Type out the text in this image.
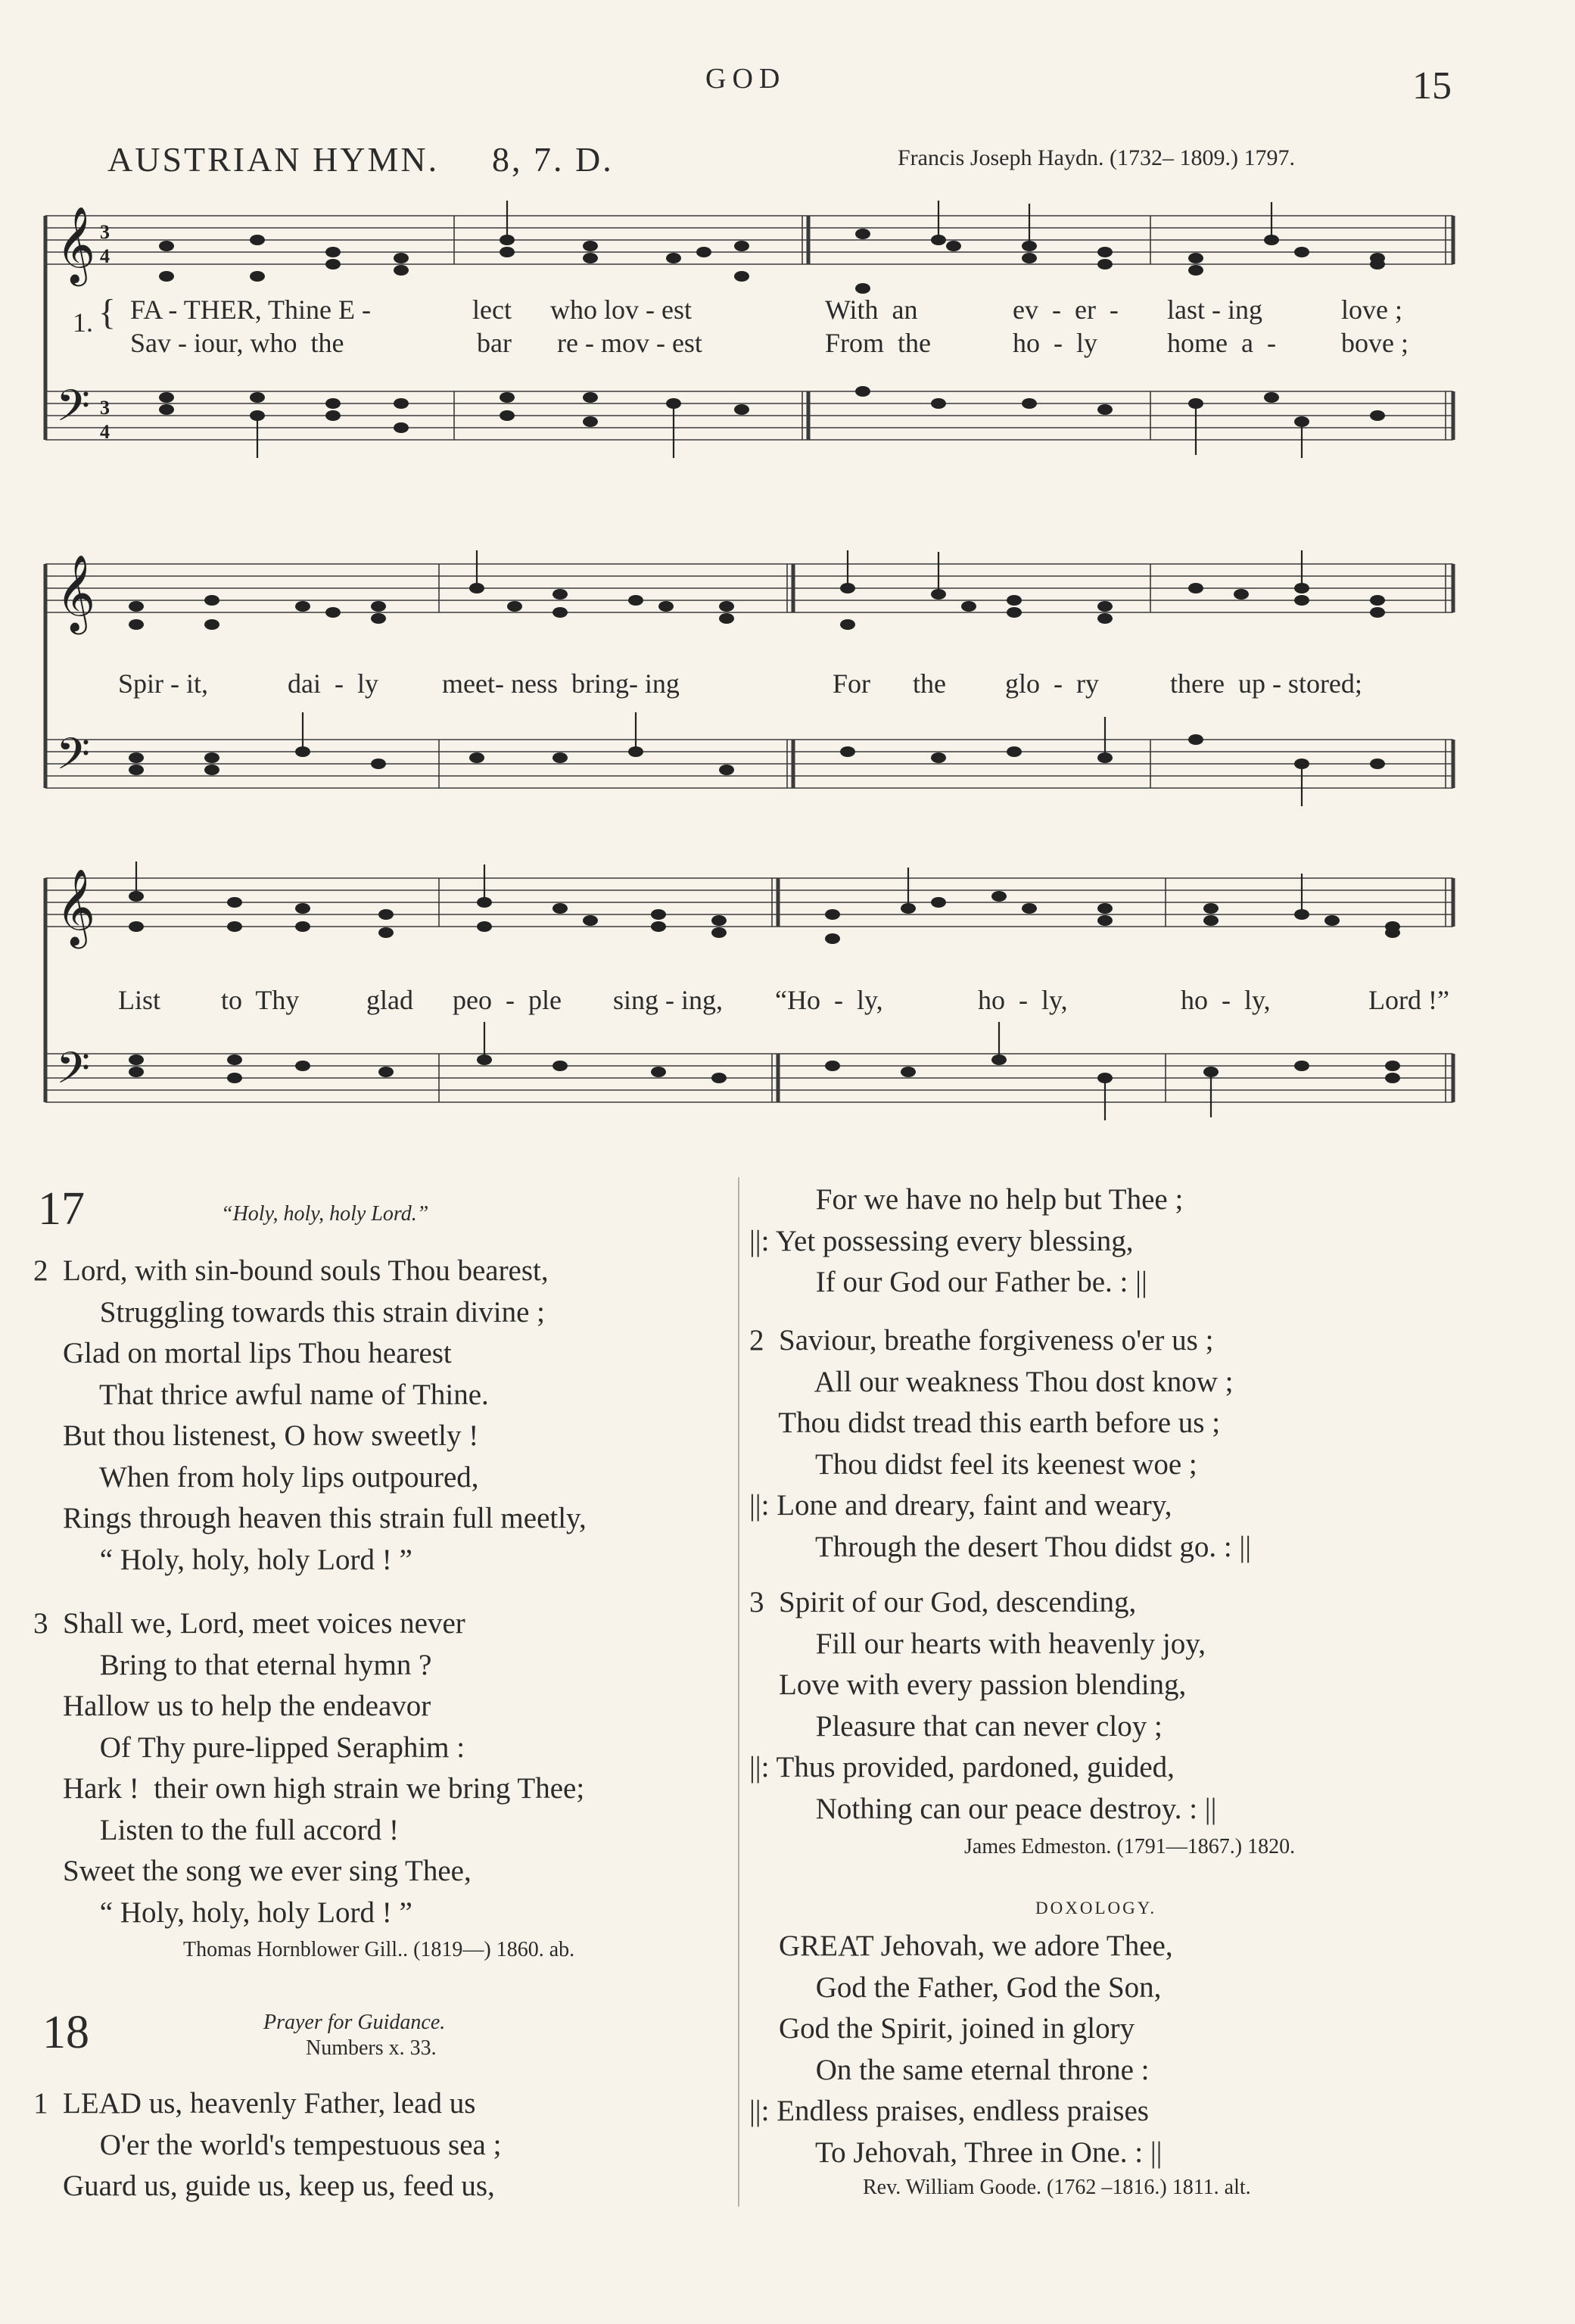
GOD	15
AUSTRIAN HYMN. 8, 7. D.	Francis Joseph Haydn. (1732– 1809.) 1797.
𝄞
𝄢
3
4
3
4
1. { FA - THER, Thine E -	lect who lov - est	With  an	ev  -  er  - last - ing	love ;
Sav - iour, who  the	bar re - mov - est	From  the	ho  -  ly	home  a  - bove ;
𝄞
𝄢
Spir - it,	dai  -  ly meet- ness  bring- ing	For the glo  -  ry	there  up - stored;
𝄞
𝄢
List to  Thy glad peo  -  ple sing - ing, “Ho  -  ly,	ho  -  ly,	ho  -  ly,	Lord !”
17	“Holy, holy, holy Lord.”
2  Lord, with sin-bound souls Thou bearest,
Struggling towards this strain divine ;
Glad on mortal lips Thou hearest
That thrice awful name of Thine.
But thou listenest, O how sweetly !
When from holy lips outpoured,
Rings through heaven this strain full meetly,
“ Holy, holy, holy Lord ! ”
3  Shall we, Lord, meet voices never
Bring to that eternal hymn ?
Hallow us to help the endeavor
Of Thy pure-lipped Seraphim :
Hark !  their own high strain we bring Thee;
Listen to the full accord !
Sweet the song we ever sing Thee,
“ Holy, holy, holy Lord ! ”
Thomas Hornblower Gill.. (1819—) 1860. ab.
18	Prayer for Guidance.
Numbers x. 33.
1  LEAD us, heavenly Father, lead us
O'er the world's tempestuous sea ;
Guard us, guide us, keep us, feed us,
For we have no help but Thee ;
||: Yet possessing every blessing,
If our God our Father be. : ||
2  Saviour, breathe forgiveness o'er us ;
All our weakness Thou dost know ;
Thou didst tread this earth before us ;
Thou didst feel its keenest woe ;
||: Lone and dreary, faint and weary,
Through the desert Thou didst go. : ||
3  Spirit of our God, descending,
Fill our hearts with heavenly joy,
Love with every passion blending,
Pleasure that can never cloy ;
||: Thus provided, pardoned, guided,
Nothing can our peace destroy. : ||
James Edmeston. (1791—1867.) 1820.
DOXOLOGY.
GREAT Jehovah, we adore Thee,
God the Father, God the Son,
God the Spirit, joined in glory
On the same eternal throne :
||: Endless praises, endless praises
To Jehovah, Three in One. : ||
Rev. William Goode. (1762 –1816.) 1811. alt.
